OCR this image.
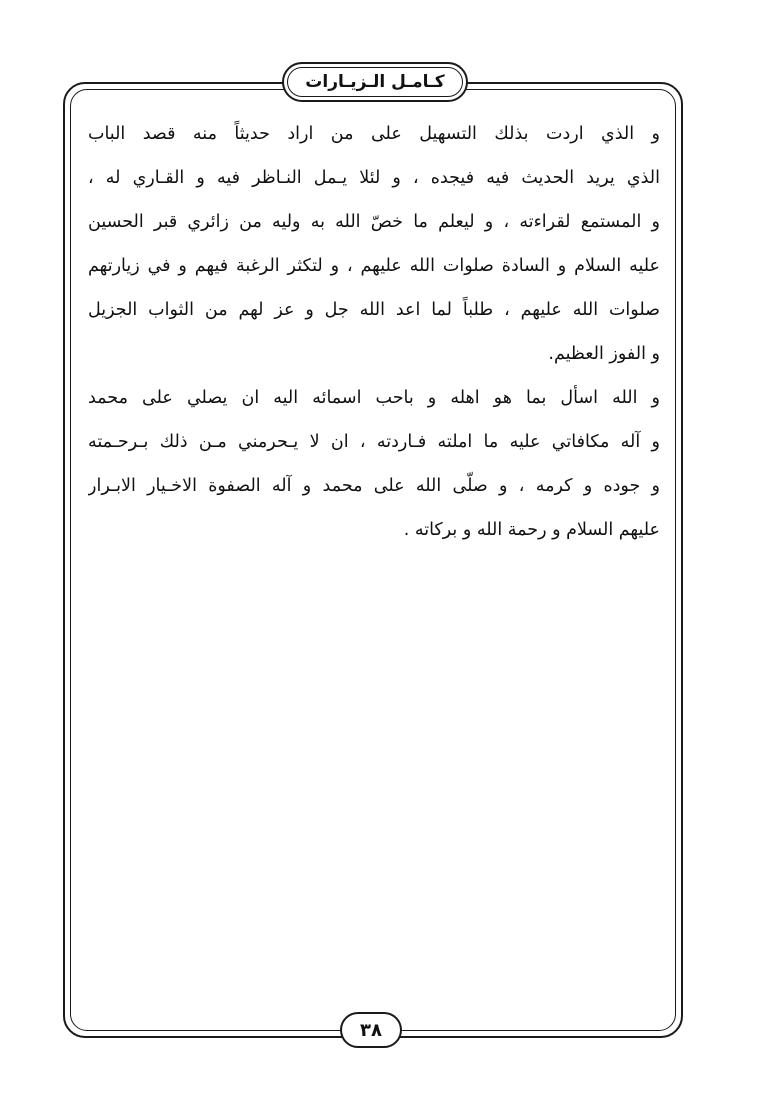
كـامـل الـزيـارات
و الذي اردت بذلك التسهيل على من اراد حديثاً منه قصد الباب
الذي يريد الحديث فيه فيجده ، و لئلا يـمل النـاظر فيه و القـاري له ،
و المستمع لقراءته ، و ليعلم ما خصّ الله به وليه من زائري قبر الحسين
عليه السلام و السادة صلوات الله عليهم ، و لتكثر الرغبة فيهم و في زيارتهم
صلوات الله عليهم ، طلباً لما اعد الله جل و عز لهم من الثواب الجزيل
و الفوز العظيم.
و الله اسأل بما هو اهله و باحب اسمائه اليه ان يصلي على محمد
و آله مكافاتي عليه ما املته فـاردته ، ان لا يـحرمني مـن ذلك بـرحـمته
و جوده و كرمه ، و صلّى الله على محمد و آله الصفوة الاخـيار الابـرار
عليهم السلام و رحمة الله و بركاته .
٣٨
